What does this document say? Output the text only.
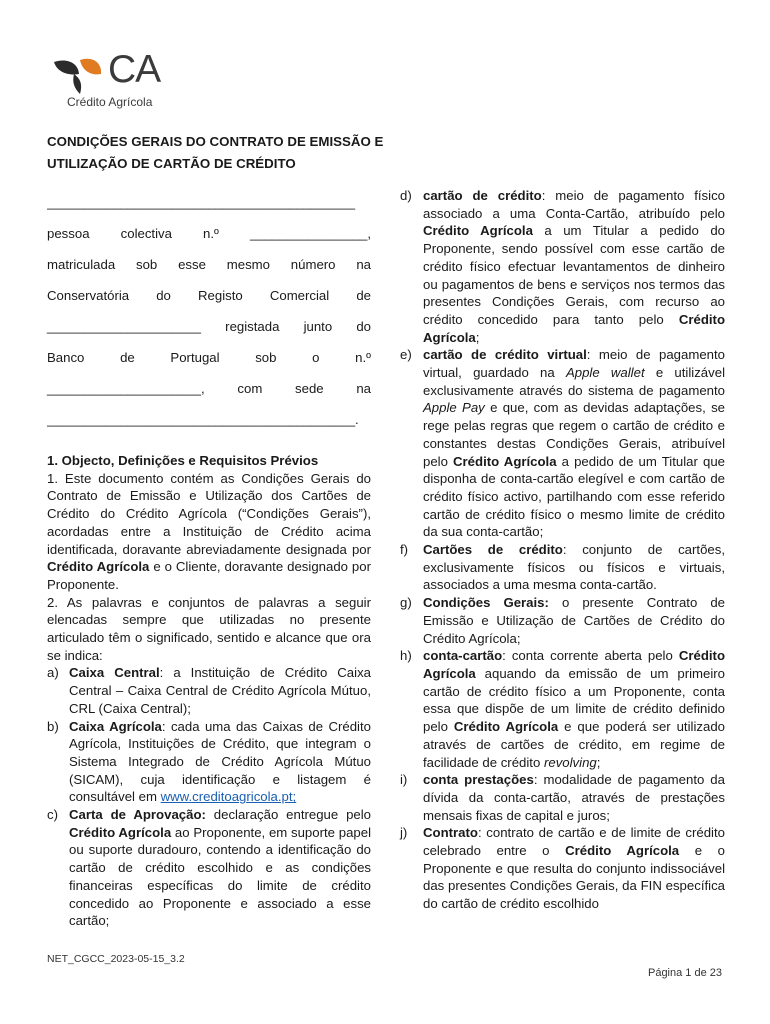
CA
Crédito Agrícola
CONDIÇÕES GERAIS DO CONTRATO DE EMISSÃO E UTILIZAÇÃO DE CARTÃO DE CRÉDITO

__________________________________________

pessoa colectiva n.º ________________,

matriculada sob esse mesmo número na

Conservatória do Registo Comercial de

_____________________ registada junto do

Banco de Portugal sob o n.º

_____________________, com sede na

__________________________________________.

1. Objecto, Definições e Requisitos Prévios

1. Este documento contém as Condições Gerais do Contrato de Emissão e Utilização dos Cartões de Crédito do Crédito Agrícola (“Condições Gerais”), acordadas entre a Instituição de Crédito acima identificada, doravante abreviadamente designada por Crédito Agrícola e o Cliente, doravante designado por Proponente.

2. As palavras e conjuntos de palavras a seguir elencadas sempre que utilizadas no presente articulado têm o significado, sentido e alcance que ora se indica:

a) Caixa Central: a Instituição de Crédito Caixa Central – Caixa Central de Crédito Agrícola Mútuo, CRL (Caixa Central);
b) Caixa Agrícola: cada uma das Caixas de Crédito Agrícola, Instituições de Crédito, que integram o Sistema Integrado de Crédito Agrícola Mútuo (SICAM), cuja identificação e listagem é consultável em www.creditoagricola.pt;
c) Carta de Aprovação: declaração entregue pelo Crédito Agrícola ao Proponente, em suporte papel ou suporte duradouro, contendo a identificação do cartão de crédito escolhido e as condições financeiras específicas do limite de crédito concedido ao Proponente e associado a esse cartão;
d) cartão de crédito: meio de pagamento físico associado a uma Conta-Cartão, atribuído pelo Crédito Agrícola a um Titular a pedido do Proponente, sendo possível com esse cartão de crédito físico efectuar levantamentos de dinheiro ou pagamentos de bens e serviços nos termos das presentes Condições Gerais, com recurso ao crédito concedido para tanto pelo Crédito Agrícola;
e) cartão de crédito virtual: meio de pagamento virtual, guardado na Apple wallet e utilizável exclusivamente através do sistema de pagamento Apple Pay e que, com as devidas adaptações, se rege pelas regras que regem o cartão de crédito e constantes destas Condições Gerais, atribuível pelo Crédito Agrícola a pedido de um Titular que disponha de conta-cartão elegível e com cartão de crédito físico activo, partilhando com esse referido cartão de crédito físico o mesmo limite de crédito da sua conta-cartão;
f)	Cartões de crédito: conjunto de cartões, exclusivamente físicos ou físicos e virtuais, associados a uma mesma conta-cartão.
g) Condições Gerais: o presente Contrato de Emissão e Utilização de Cartões de Crédito do Crédito Agrícola;
h) conta-cartão: conta corrente aberta pelo Crédito Agrícola aquando da emissão de um primeiro cartão de crédito físico a um Proponente, conta essa que dispõe de um limite de crédito definido pelo Crédito Agrícola e que poderá ser utilizado através de cartões de crédito, em regime de facilidade de crédito revolving;
i)	conta prestações: modalidade de pagamento da dívida da conta-cartão, através de prestações mensais fixas de capital e juros;
j)	Contrato: contrato de cartão e de limite de crédito celebrado entre o Crédito Agrícola e o Proponente e que resulta do conjunto indissociável das presentes Condições Gerais, da FIN específica do cartão de crédito escolhido
NET_CGCC_2023-05-15_3.2
Página 1 de 23
